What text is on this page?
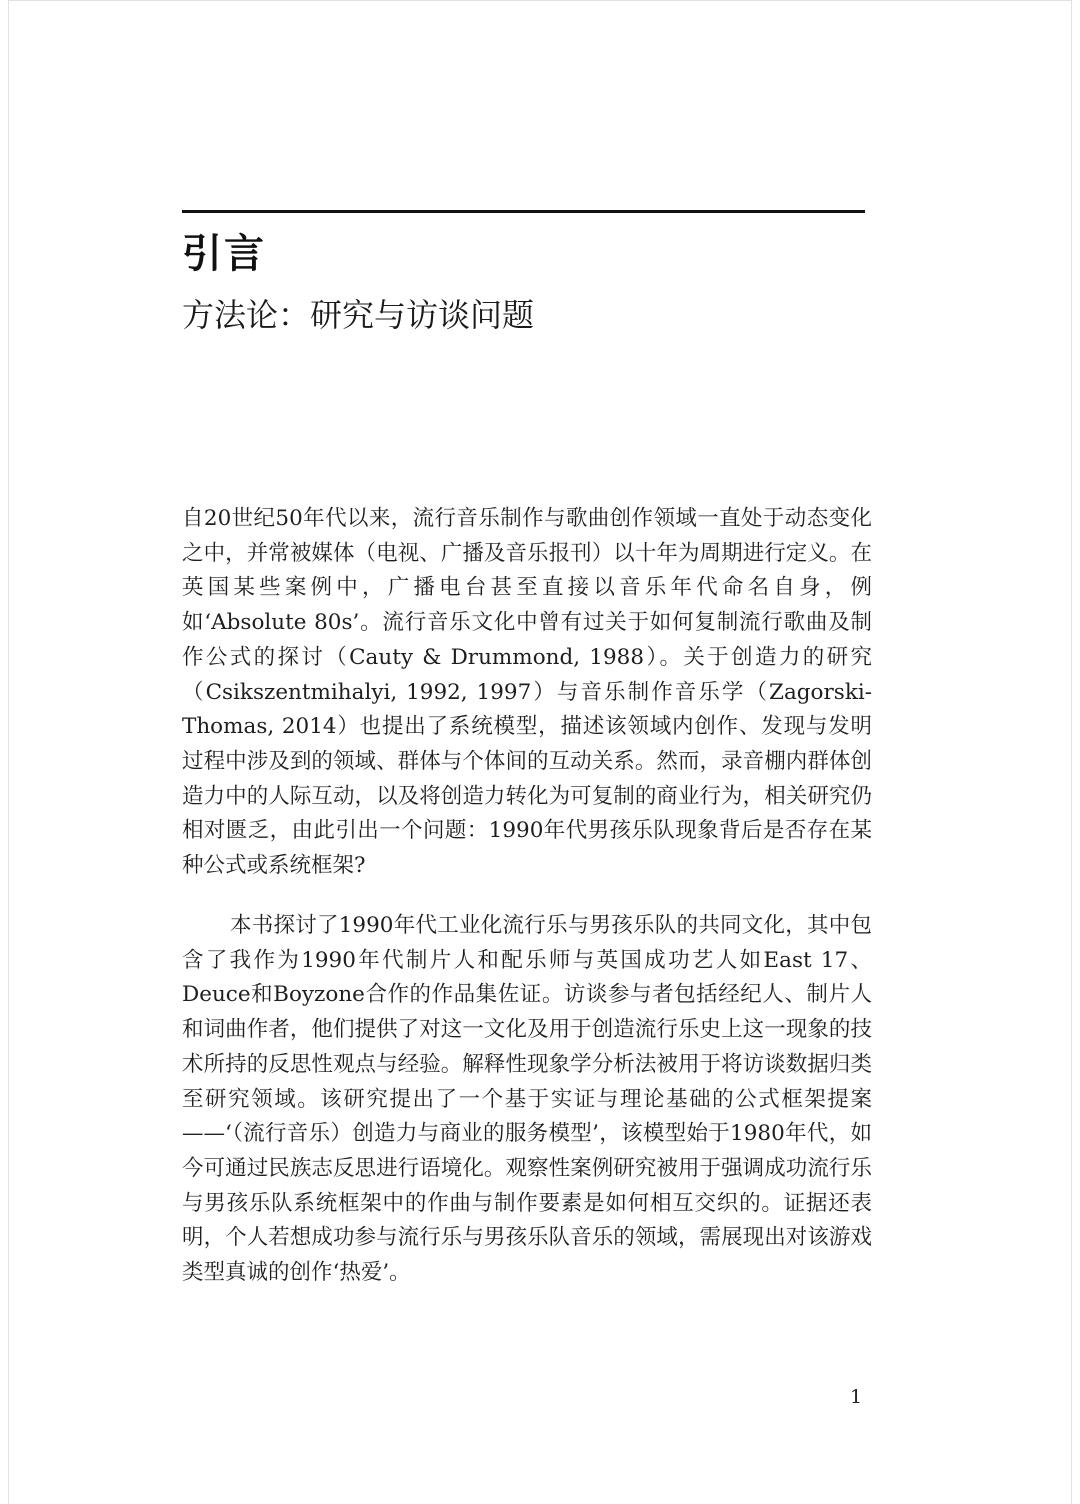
引言
方法论：研究与访谈问题

自20世纪50年代以来，流行音乐制作与歌曲创作领域一直处于动态变化之中，并常被媒体（电视、广播及音乐报刊）以十年为周期进行定义。在英国某些案例中，广播电台甚至直接以音乐年代命名自身，例如‘Absolute 80s’。流行音乐文化中曾有过关于如何复制流行歌曲及制作公式的探讨（Cauty & Drummond, 1988）。关于创造力的研究（Csikszentmihalyi, 1992, 1997）与音乐制作音乐学（Zagorski-Thomas, 2014）也提出了系统模型，描述该领域内创作、发现与发明过程中涉及到的领域、群体与个体间的互动关系。然而，录音棚内群体创造力中的人际互动，以及将创造力转化为可复制的商业行为，相关研究仍相对匮乏，由此引出一个问题：1990年代男孩乐队现象背后是否存在某种公式或系统框架?

本书探讨了1990年代工业化流行乐与男孩乐队的共同文化，其中包含了我作为1990年代制片人和配乐师与英国成功艺人如East 17、Deuce和Boyzone合作的作品集佐证。访谈参与者包括经纪人、制片人和词曲作者，他们提供了对这一文化及用于创造流行乐史上这一现象的技术所持的反思性观点与经验。解释性现象学分析法被用于将访谈数据归类至研究领域。该研究提出了一个基于实证与理论基础的公式框架提案——‘（流行音乐）创造力与商业的服务模型’，该模型始于1980年代，如今可通过民族志反思进行语境化。观察性案例研究被用于强调成功流行乐与男孩乐队系统框架中的作曲与制作要素是如何相互交织的。证据还表明，个人若想成功参与流行乐与男孩乐队音乐的领域，需展现出对该游戏类型真诚的创作‘热爱’。

1
